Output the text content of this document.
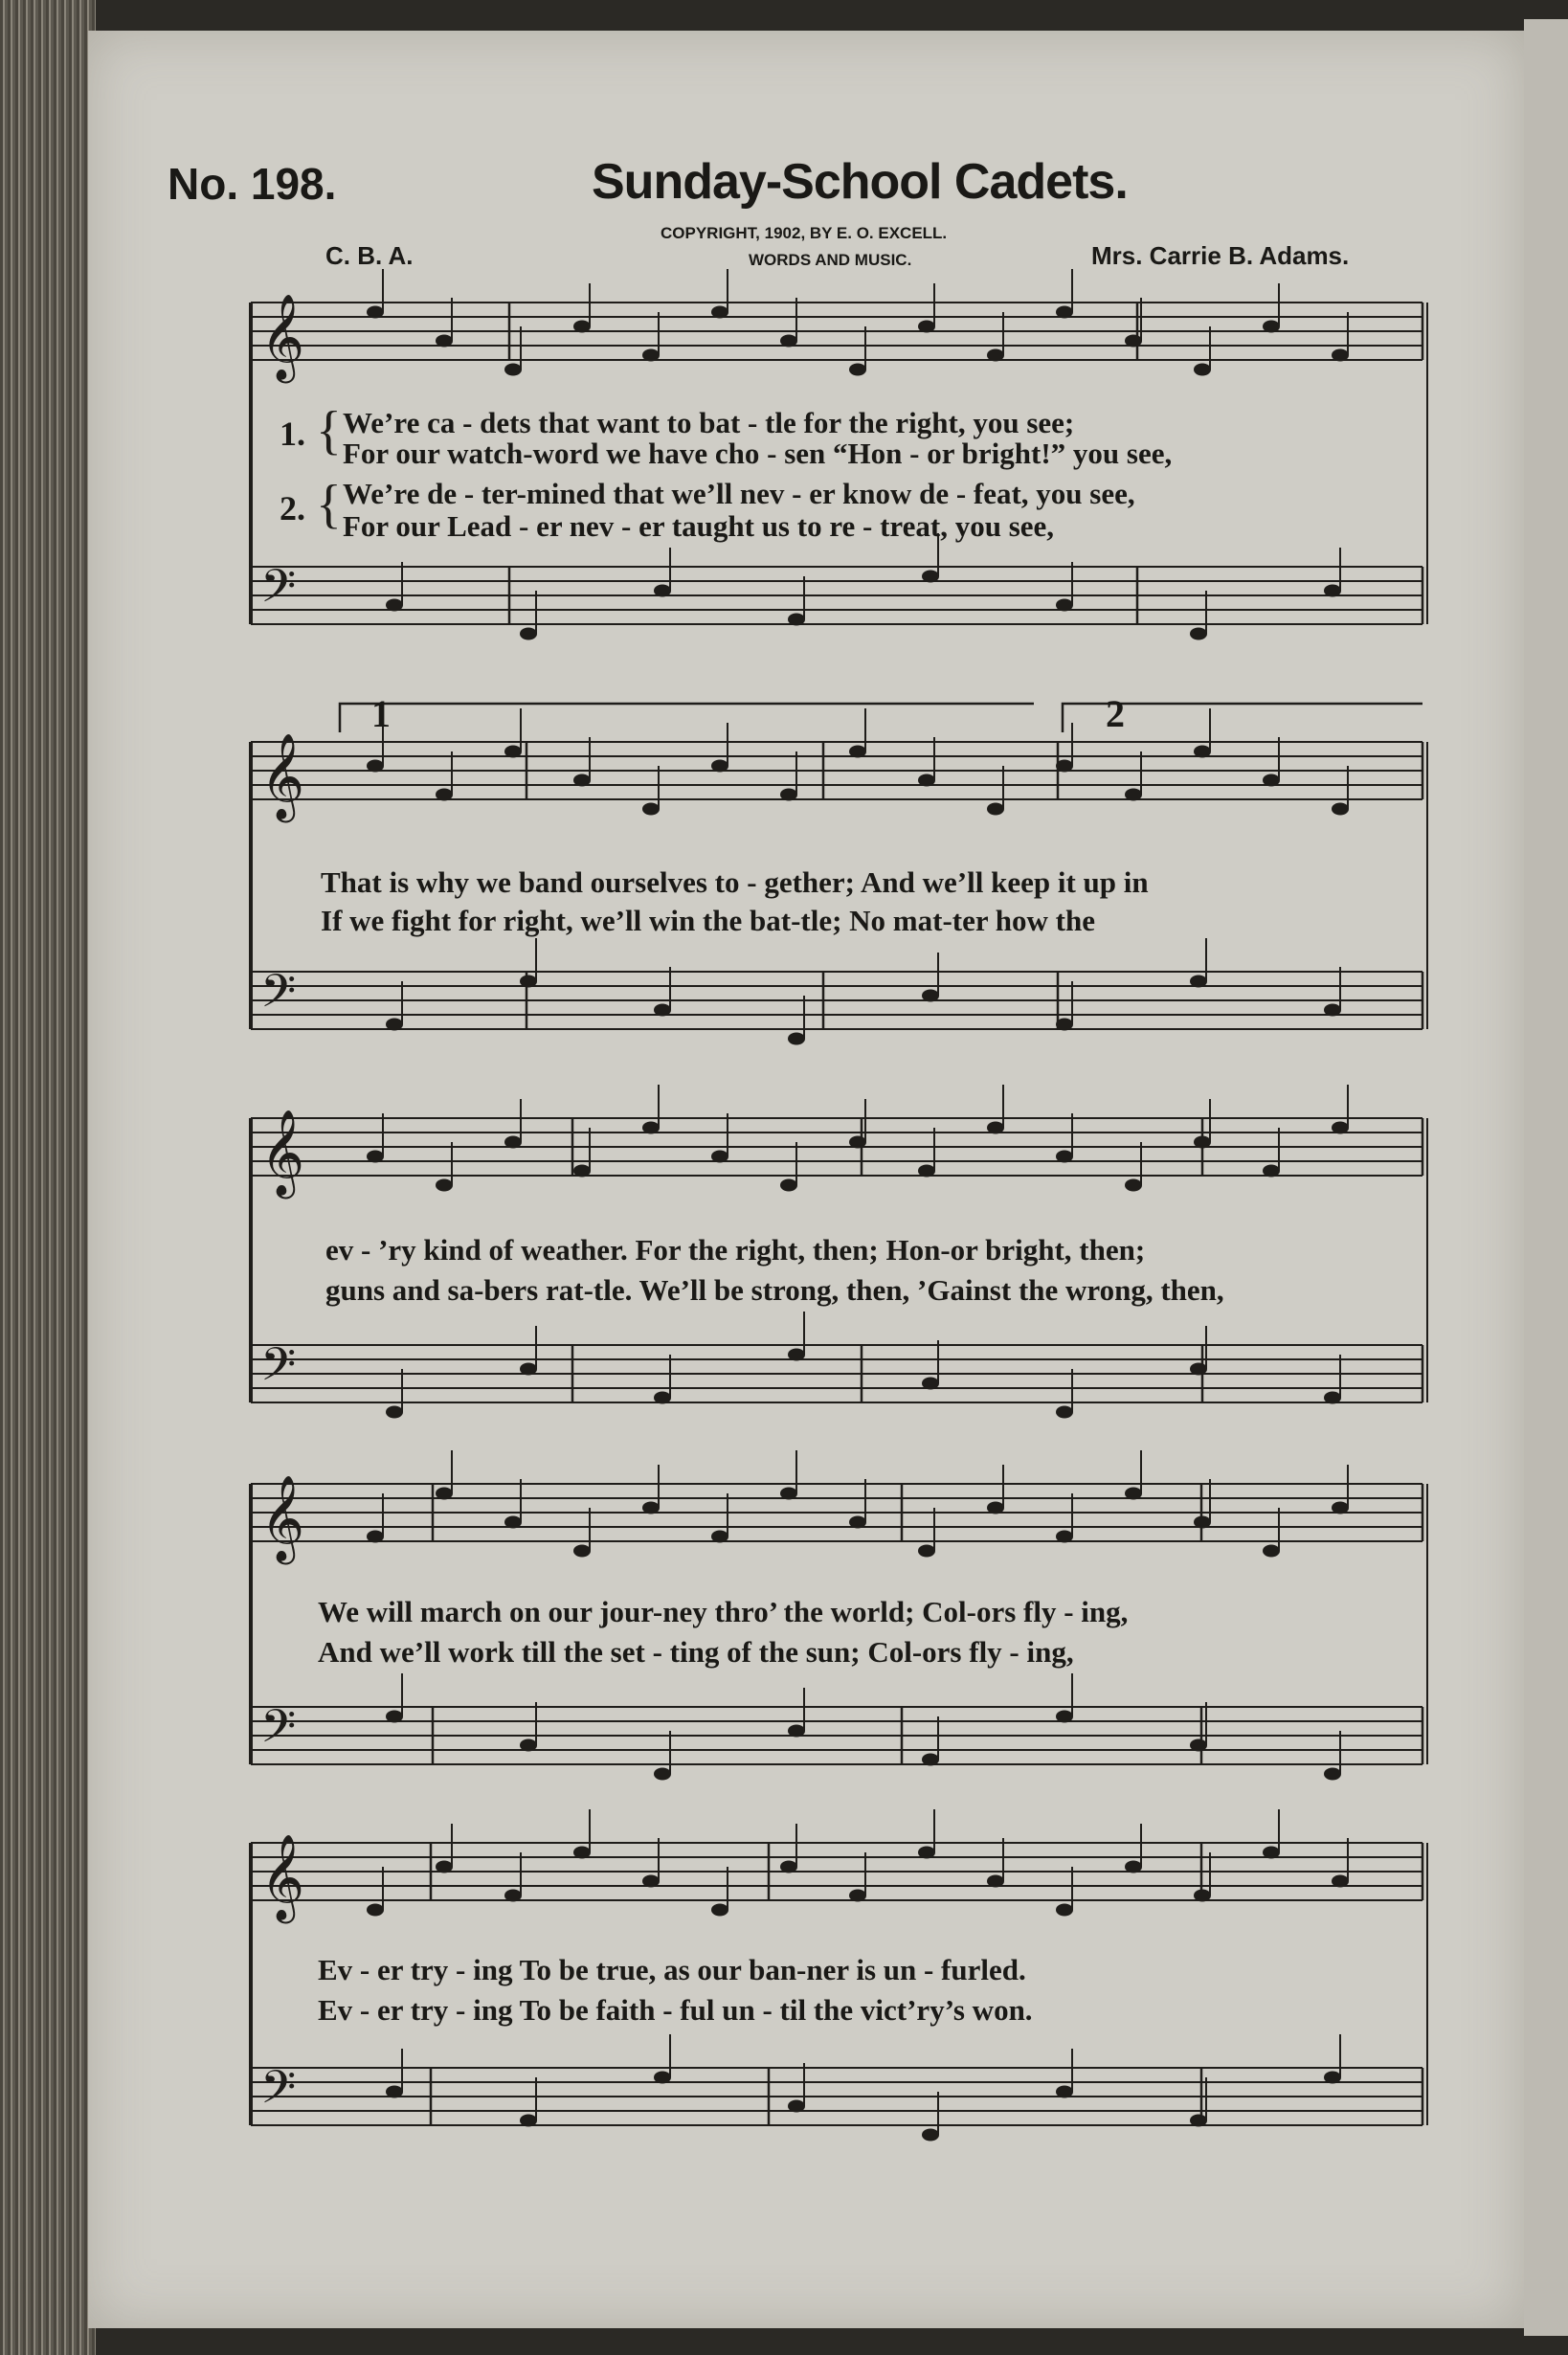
𝄞
𝄢
𝄞
𝄢
𝄞
𝄢
𝄞
𝄢
𝄞
𝄢
{
{
No. 198.	Sunday-School Cadets.
C. B. A.
COPYRIGHT, 1902, BY E. O. EXCELL.
WORDS AND MUSIC.	Mrs. Carrie B. Adams.
1.
2.
We’re ca - dets that want to bat - tle for the right, you see;
For our watch-word we have cho - sen “Hon - or bright!” you see,
We’re de - ter-mined that we’ll nev - er know de - feat, you see,
For our Lead - er nev - er taught us to re - treat, you see,
That is why we band ourselves to - gether; And we’ll keep it up in
If we fight for right, we’ll win the bat-tle; No mat-ter how the
ev - ’ry kind of weather. For the right, then; Hon-or bright, then;
guns and sa-bers rat-tle. We’ll be strong, then, ’Gainst the wrong, then,
We will march on our jour-ney thro’ the world; Col-ors fly - ing,
And we’ll work till the set - ting of the sun; Col-ors fly - ing,
Ev - er try - ing To be true, as our ban-ner is un - furled.
Ev - er try - ing To be faith - ful un - til the vict’ry’s won.
2
1
